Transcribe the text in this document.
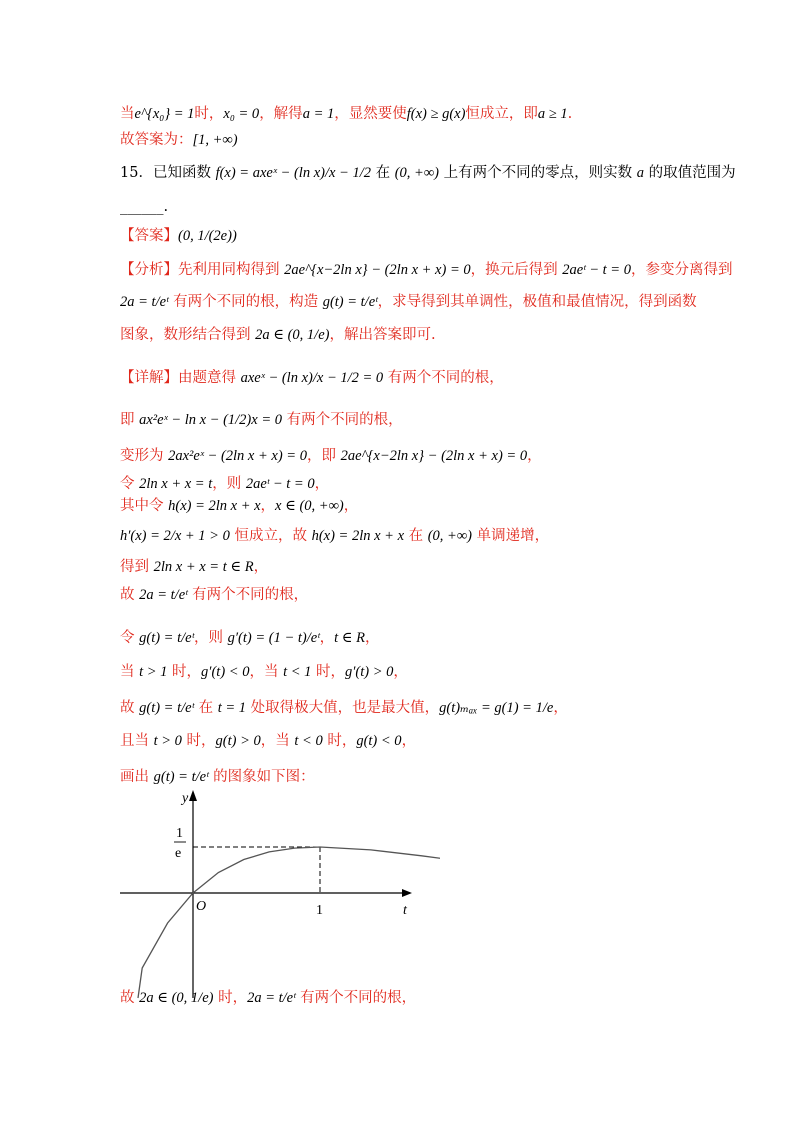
当e^{x₀} = 1时，x₀ = 0，解得a = 1，显然要使f(x) ≥ g(x)恒成立，即a ≥ 1.
故答案为：[1, +∞)
15．已知函数 f(x) = axeˣ − (ln x)/x − 1/2 在 (0, +∞) 上有两个不同的零点，则实数 a 的取值范围为
______.
【答案】(0, 1/(2e))
【分析】先利用同构得到 2ae^{x−2ln x} − (2ln x + x) = 0，换元后得到 2aeᵗ − t = 0，参变分离得到
2a = t/eᵗ 有两个不同的根，构造 g(t) = t/eᵗ，求导得到其单调性，极值和最值情况，得到函数
图象，数形结合得到 2a ∈ (0, 1/e)，解出答案即可.
【详解】由题意得 axeˣ − (ln x)/x − 1/2 = 0 有两个不同的根，
即 ax²eˣ − ln x − (1/2)x = 0 有两个不同的根，
变形为 2ax²eˣ − (2ln x + x) = 0，即 2ae^{x−2ln x} − (2ln x + x) = 0，
令 2ln x + x = t，则 2aeᵗ − t = 0，
其中令 h(x) = 2ln x + x，x ∈ (0, +∞)，
h′(x) = 2/x + 1 > 0 恒成立，故 h(x) = 2ln x + x 在 (0, +∞) 单调递增，
得到 2ln x + x = t ∈ R，
故 2a = t/eᵗ 有两个不同的根，
令 g(t) = t/eᵗ，则 g′(t) = (1 − t)/eᵗ，t ∈ R，
当 t > 1 时，g′(t) < 0，当 t < 1 时，g′(t) > 0，
故 g(t) = t/eᵗ 在 t = 1 处取得极大值，也是最大值，g(t)ₘₐₓ = g(1) = 1/e，
且当 t > 0 时，g(t) > 0，当 t < 0 时，g(t) < 0，
画出 g(t) = t/eᵗ 的图象如下图：
故 2a ∈ (0, 1/e) 时，2a = t/eᵗ 有两个不同的根，
y
t
O	1
1
e
